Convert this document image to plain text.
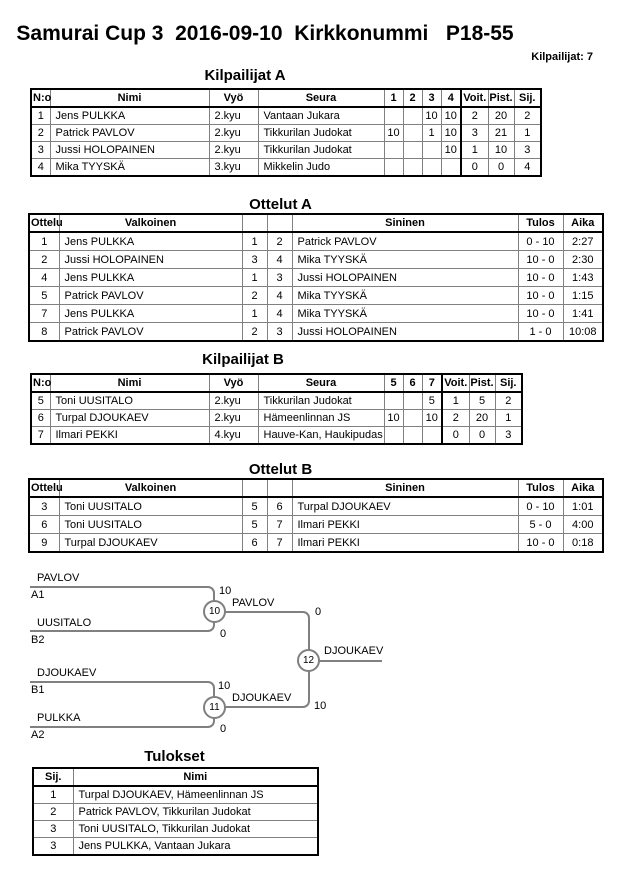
Samurai Cup 3  2016-09-10  Kirkkonummi   P18-55
Kilpailijat: 7
Kilpailijat A
N:o	Nimi	Vyö	Seura	1	2	3	4	Voit.	Pist.	Sij.
1	Jens PULKKA	2.kyu	Vantaan Jukara			10	10	2	20	2
2	Patrick PAVLOV	2.kyu	Tikkurilan Judokat	10		1	10	3	21	1
3	Jussi HOLOPAINEN	2.kyu	Tikkurilan Judokat				10	1	10	3
4	Mika TYYSKÄ	3.kyu	Mikkelin Judo					0	0	4
Ottelut A
Ottelu	Valkoinen			Sininen	Tulos	Aika
1	Jens PULKKA	1	2	Patrick PAVLOV	0 - 10	2:27
2	Jussi HOLOPAINEN	3	4	Mika TYYSKÄ	10 - 0	2:30
4	Jens PULKKA	1	3	Jussi HOLOPAINEN	10 - 0	1:43
5	Patrick PAVLOV	2	4	Mika TYYSKÄ	10 - 0	1:15
7	Jens PULKKA	1	4	Mika TYYSKÄ	10 - 0	1:41
8	Patrick PAVLOV	2	3	Jussi HOLOPAINEN	1 - 0	10:08
Kilpailijat B
N:o	Nimi	Vyö	Seura	5	6	7	Voit.	Pist.	Sij.
5	Toni UUSITALO	2.kyu	Tikkurilan Judokat			5	1	5	2
6	Turpal DJOUKAEV	2.kyu	Hämeenlinnan JS	10		10	2	20	1
7	Ilmari PEKKI	4.kyu	Hauve-Kan, Haukipudas				0	0	3
Ottelut B
Ottelu	Valkoinen			Sininen	Tulos	Aika
3	Toni UUSITALO	5	6	Turpal DJOUKAEV	0 - 10	1:01
6	Toni UUSITALO	5	7	Ilmari PEKKI	5 - 0	4:00
9	Turpal DJOUKAEV	6	7	Ilmari PEKKI	10 - 0	0:18
PAVLOV
A1	10
UUSITALO
B2	0
DJOUKAEV
B1	10
PULKKA
A2	0
10
PAVLOV
0
11
DJOUKAEV
10
12
DJOUKAEV
Tulokset
Sij.	Nimi
1	Turpal DJOUKAEV, Hämeenlinnan JS
2	Patrick PAVLOV, Tikkurilan Judokat
3	Toni UUSITALO, Tikkurilan Judokat
3	Jens PULKKA, Vantaan Jukara
